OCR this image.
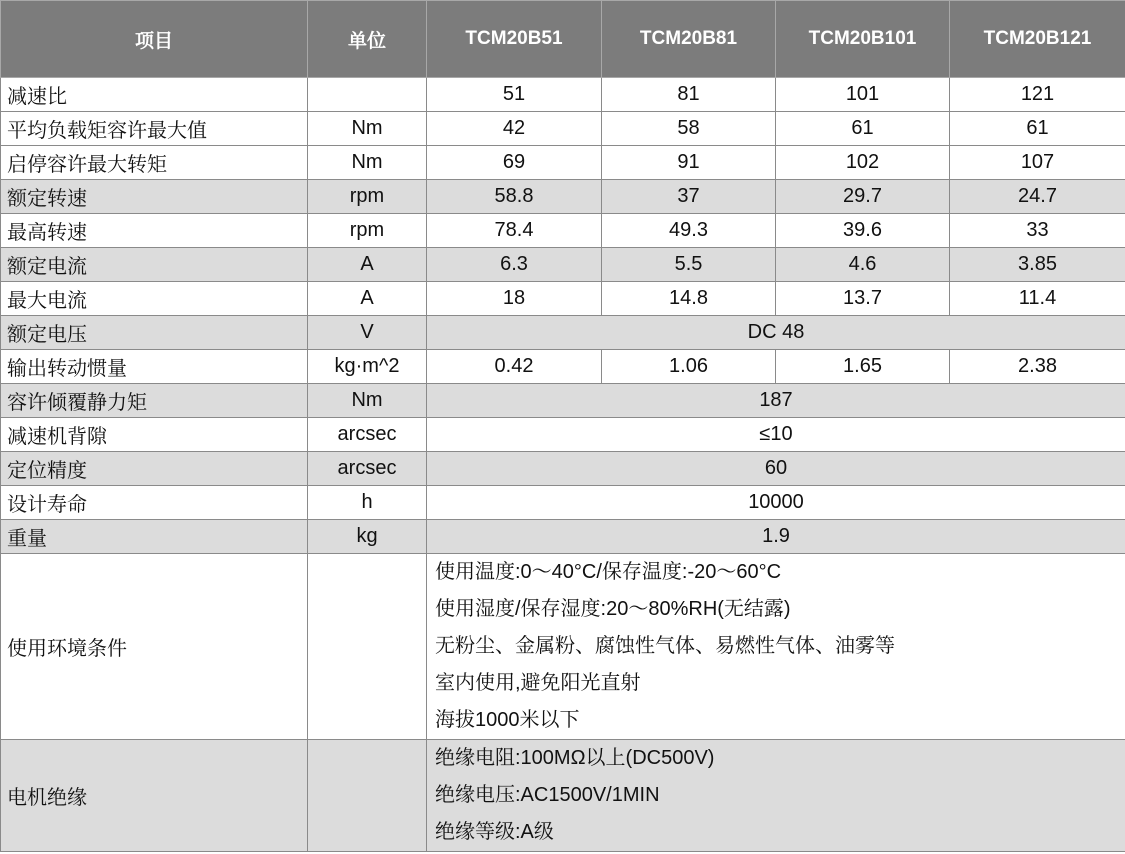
项目	单位	TCM20B51	TCM20B81	TCM20B101	TCM20B121
减速比		51	81	101	121
平均负载矩容许最大值	Nm	42	58	61	61
启停容许最大转矩	Nm	69	91	102	107
额定转速	rpm	58.8	37	29.7	24.7
最高转速	rpm	78.4	49.3	39.6	33
额定电流	A	6.3	5.5	4.6	3.85
最大电流	A	18	14.8	13.7	11.4
额定电压	V	DC 48			
输出转动惯量	kg·m^2	0.42	1.06	1.65	2.38
容许倾覆静力矩	Nm	187			
减速机背隙	arcsec	≤10			
定位精度	arcsec	60			
设计寿命	h	10000			
重量	kg	1.9			
使用环境条件		使用温度:0～40°C/保存温度:-20～60°C
使用湿度/保存湿度:20～80%RH(无结露)
无粉尘、金属粉、腐蚀性气体、易燃性气体、油雾等
室内使用,避免阳光直射
海拔1000米以下			

电机绝缘		绝缘电阻:100MΩ以上(DC500V)
绝缘电压:AC1500V/1MIN
绝缘等级:A级			
